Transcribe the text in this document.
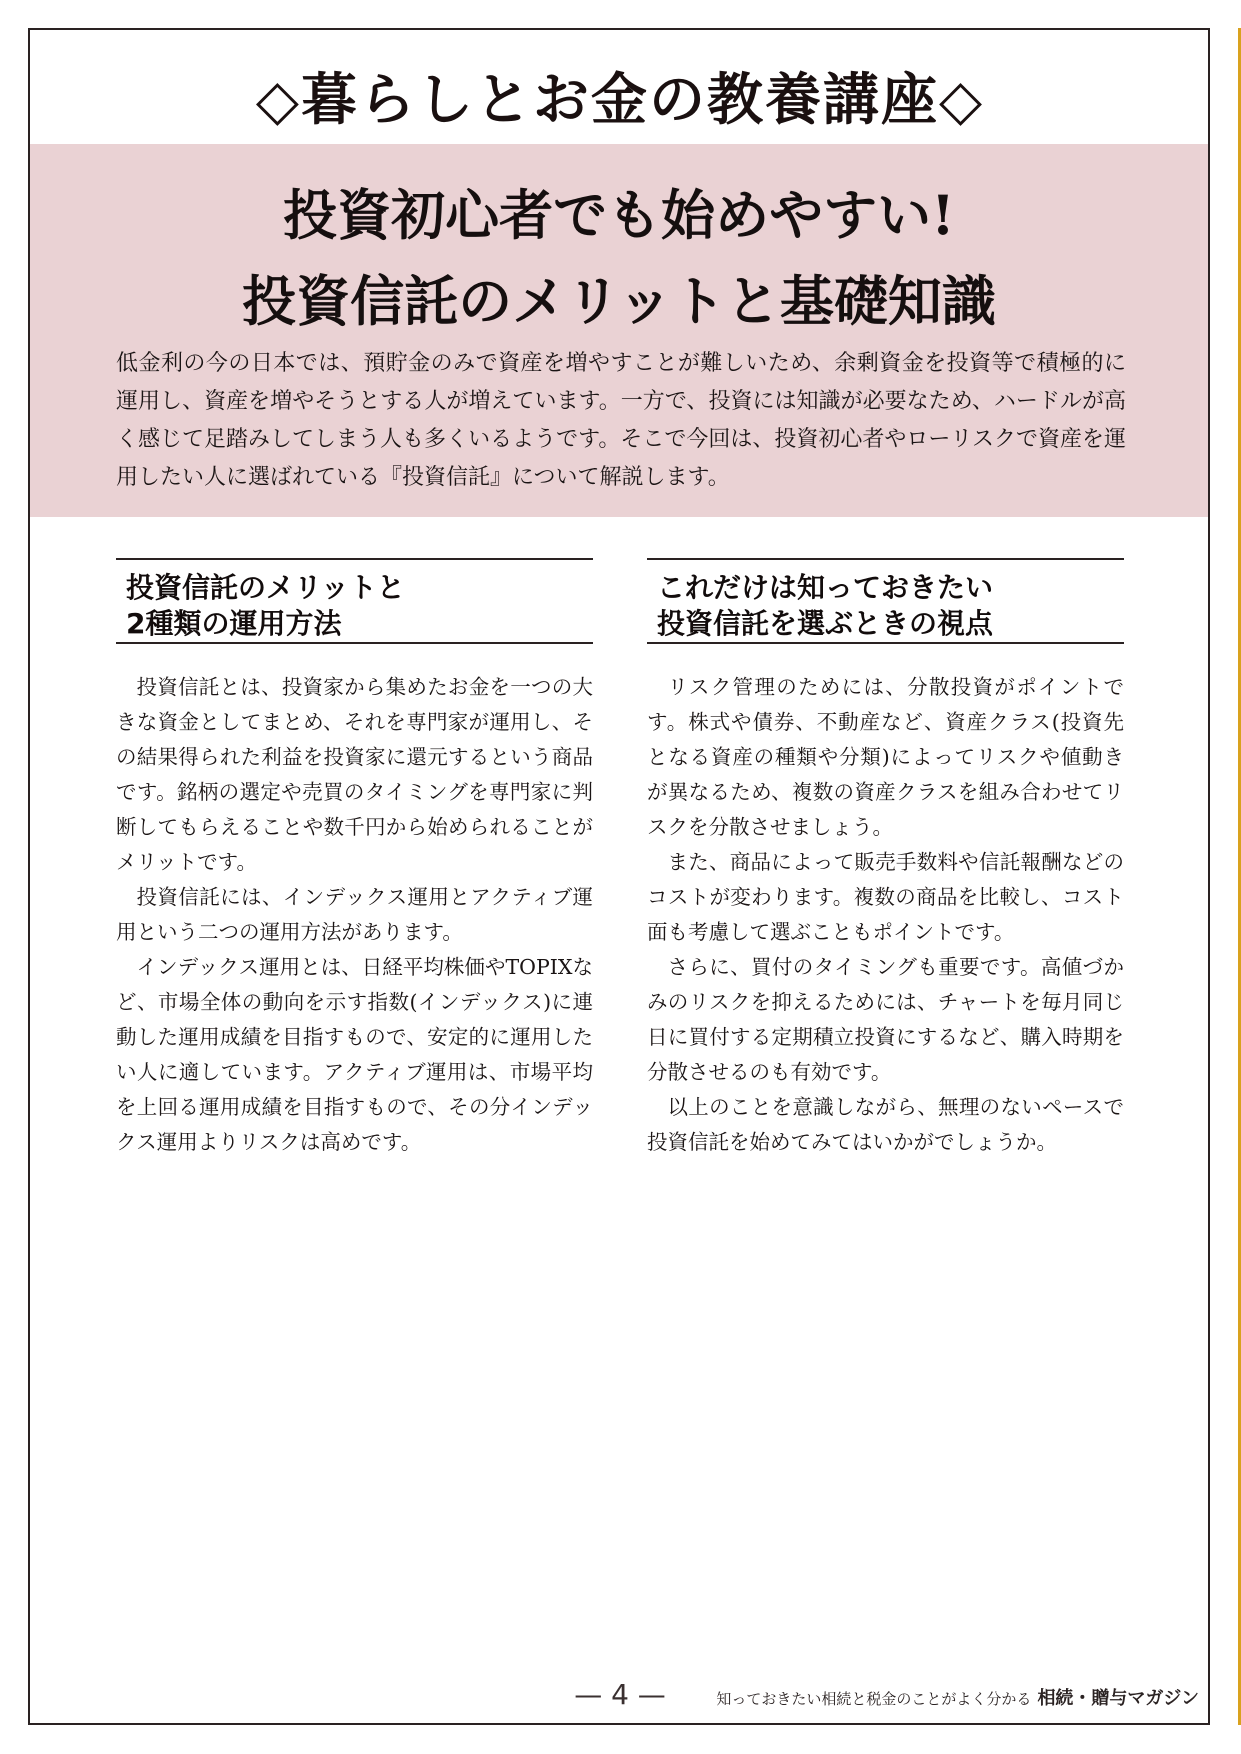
◇暮らしとお金の教養講座◇
投資初心者でも始めやすい!
投資信託のメリットと基礎知識

低金利の今の日本では、預貯金のみで資産を増やすことが難しいため、余剰資金を投資等で積極的に運用し、資産を増やそうとする人が増えています。一方で、投資には知識が必要なため、ハードルが高く感じて足踏みしてしまう人も多くいるようです。そこで今回は、投資初心者やローリスクで資産を運用したい人に選ばれている『投資信託』について解説します。

投資信託のメリットと
2種類の運用方法

投資信託とは、投資家から集めたお金を一つの大きな資金としてまとめ、それを専門家が運用し、その結果得られた利益を投資家に還元するという商品です。銘柄の選定や売買のタイミングを専門家に判断してもらえることや数千円から始められることがメリットです。

投資信託には、インデックス運用とアクティブ運用という二つの運用方法があります。

インデックス運用とは、日経平均株価やTOPIXなど、市場全体の動向を示す指数(インデックス)に連動した運用成績を目指すもので、安定的に運用したい人に適しています。アクティブ運用は、市場平均を上回る運用成績を目指すもので、その分インデックス運用よりリスクは高めです。

これだけは知っておきたい
投資信託を選ぶときの視点

リスク管理のためには、分散投資がポイントです。株式や債券、不動産など、資産クラス(投資先となる資産の種類や分類)によってリスクや値動きが異なるため、複数の資産クラスを組み合わせてリスクを分散させましょう。

また、商品によって販売手数料や信託報酬などのコストが変わります。複数の商品を比較し、コスト面も考慮して選ぶこともポイントです。

さらに、買付のタイミングも重要です。高値づかみのリスクを抑えるためには、チャートを毎月同じ日に買付する定期積立投資にするなど、購入時期を分散させるのも有効です。

以上のことを意識しながら、無理のないペースで投資信託を始めてみてはいかがでしょうか。

— 4 —	知っておきたい相続と税金のことがよく分かる 相続・贈与マガジン
